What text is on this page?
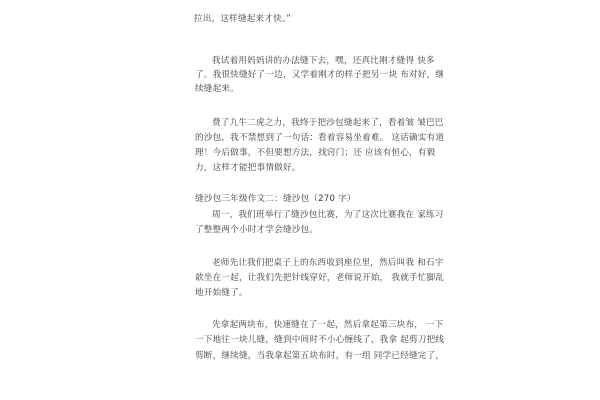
拉出，这样缝起来才快。”
我试着用妈妈讲的办法缝下去，嘿，还真比刚才缝得 快多
了。我很快缝好了一边，又学着刚才的样子把另一块 布对好，继
续缝起来。
费了九牛二虎之力，我终于把沙包缝起来了，看着皱 皱巴巴
的沙包，我不禁想到了一句话：看着容易坐着难。 这话确实有道
理！今后做事，不但要想方法，找窍门；还 应该有恒心，有毅
力，这样才能把事情做好。
缝沙包三年级作文二：缝沙包（270 字）
周一，我们班举行了缝沙包比赛，为了这次比赛我在 家练习
了整整两个小时才学会缝沙包。
老师先让我们把桌子上的东西收到座位里，然后叫我 和石宇
歆坐在一起，让我们先把针线穿好，老师说开始， 我就手忙脚乱
地开始缝了。
先拿起两块布，快速缝在了一起，然后拿起第三块布， 一下
一下地往一块儿缝，缝到中间时不小心缠线了，我拿 起剪刀把线
剪断，继续缝，当我拿起第五块布时，有一组 同学已经缝完了，
